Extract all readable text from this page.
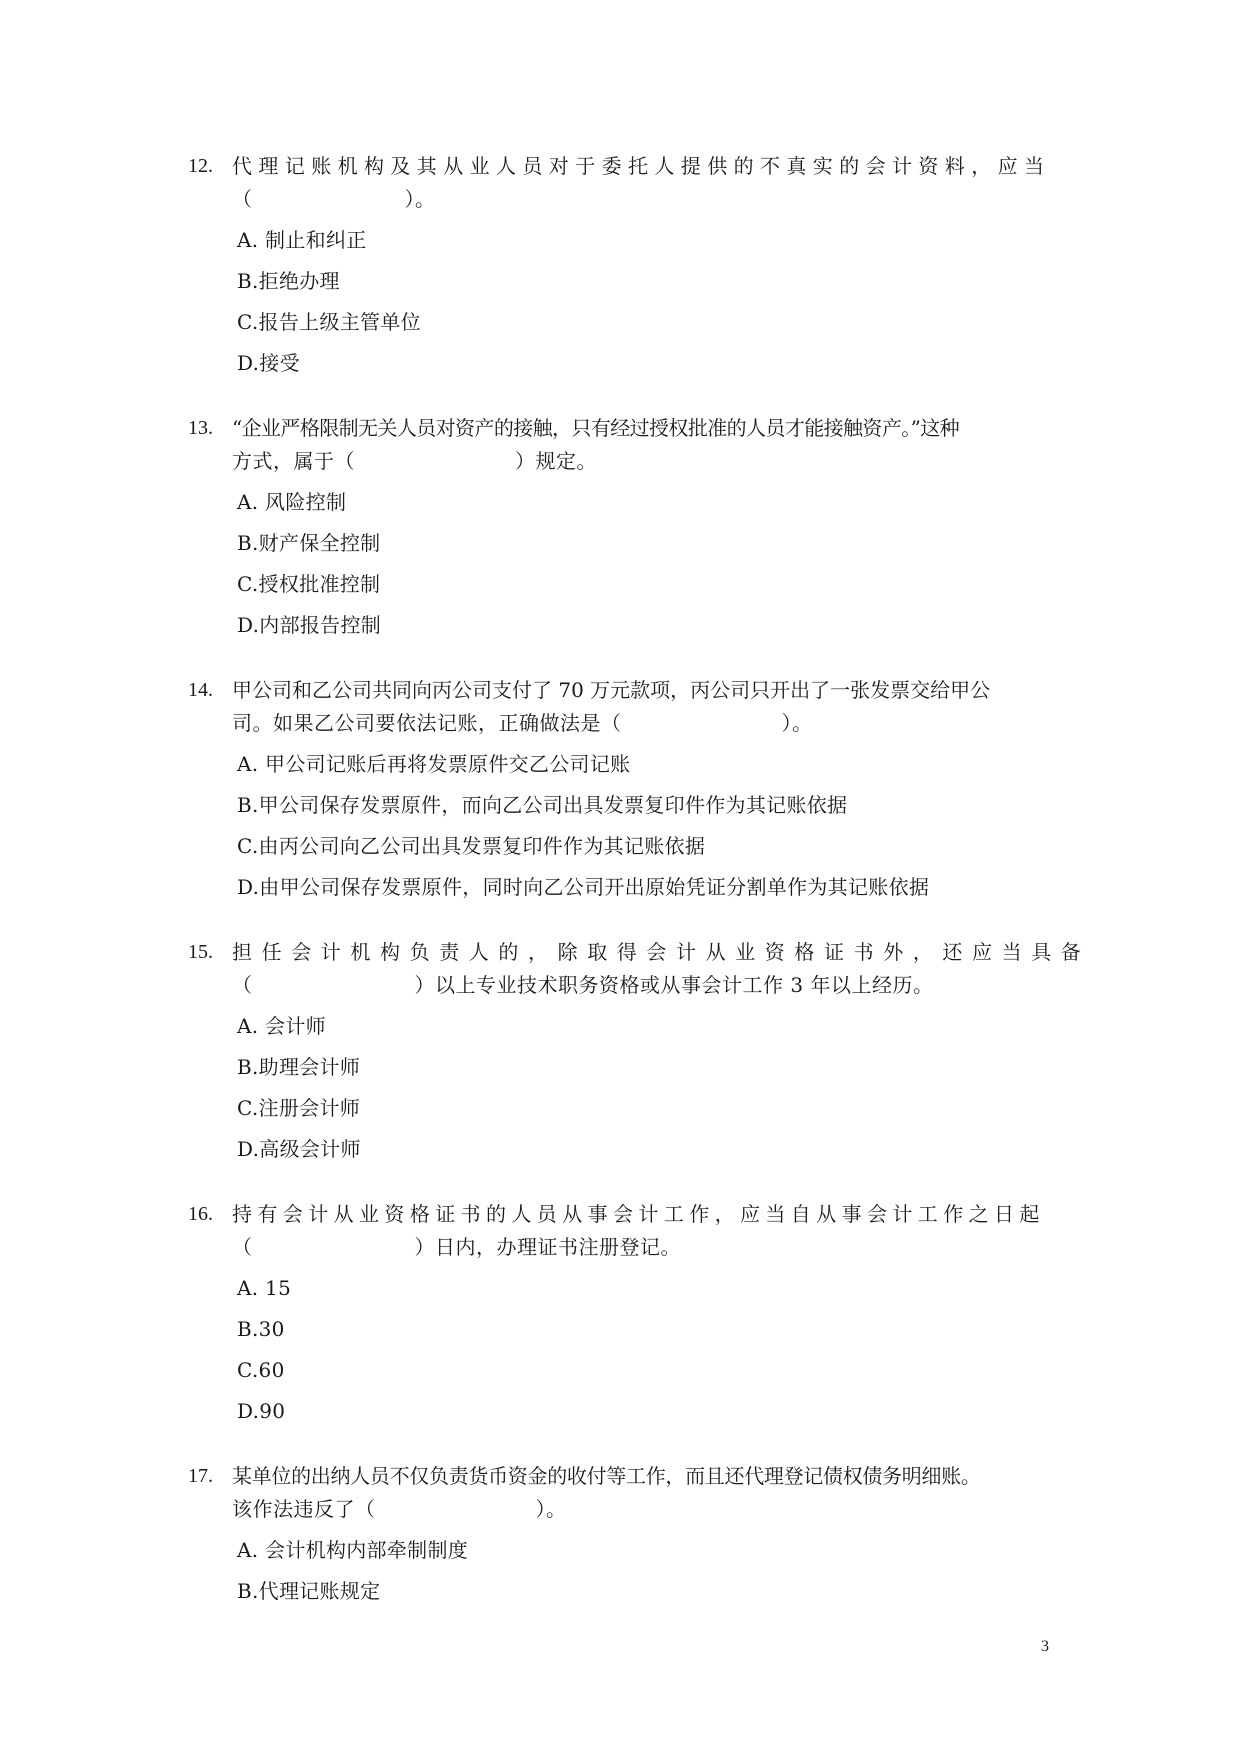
12. 代理记账机构及其从业人员对于委托人提供的不真实的会计资料，应当
（	）。
A. 制止和纠正
B.拒绝办理
C.报告上级主管单位
D.接受
13. “企业严格限制无关人员对资产的接触，只有经过授权批准的人员才能接触资产。”这种
方式，属于（	）规定。
A. 风险控制
B.财产保全控制
C.授权批准控制
D.内部报告控制
14. 甲公司和乙公司共同向丙公司支付了 70 万元款项，丙公司只开出了一张发票交给甲公
司。如果乙公司要依法记账，正确做法是（	）。
A. 甲公司记账后再将发票原件交乙公司记账
B.甲公司保存发票原件，而向乙公司出具发票复印件作为其记账依据
C.由丙公司向乙公司出具发票复印件作为其记账依据
D.由甲公司保存发票原件，同时向乙公司开出原始凭证分割单作为其记账依据
15. 担任会计机构负责人的，除取得会计从业资格证书外，还应当具备
（	）以上专业技术职务资格或从事会计工作 3 年以上经历。
A. 会计师
B.助理会计师
C.注册会计师
D.高级会计师
16. 持有会计从业资格证书的人员从事会计工作，应当自从事会计工作之日起
（	）日内，办理证书注册登记。
A. 15
B.30
C.60
D.90
17. 某单位的出纳人员不仅负责货币资金的收付等工作，而且还代理登记债权债务明细账。
该作法违反了（	）。
A. 会计机构内部牵制制度
B.代理记账规定
3
